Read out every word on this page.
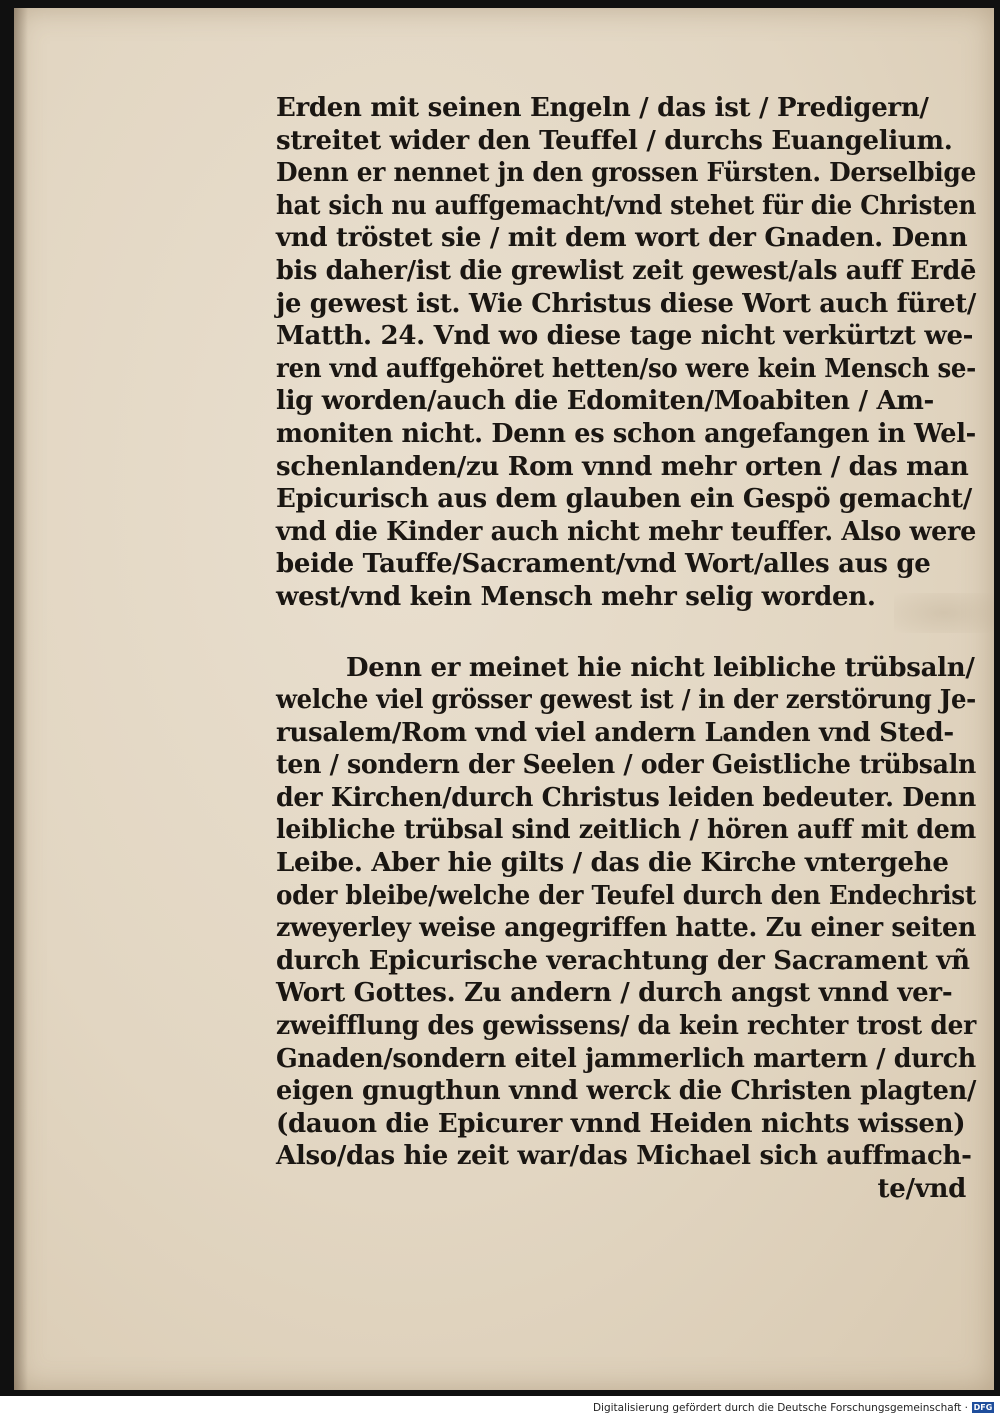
Erden mit seinen Engeln / das ist / Predigern/
streitet wider den Teuffel / durchs Euangelium.
Denn er nennet jn den grossen Fürsten. Derselbige
hat sich nu auffgemacht/vnd stehet für die Christen
vnd tröstet sie / mit dem wort der Gnaden. Denn
bis daher/ist die grewlist zeit gewest/als auff Erdē
je gewest ist. Wie Christus diese Wort auch füret/
Matth. 24. Vnd wo diese tage nicht verkürtzt we-
ren vnd auffgehöret hetten/so were kein Mensch se-
lig worden/auch die Edomiten/Moabiten / Am-
moniten nicht. Denn es schon angefangen in Wel-
schenlanden/zu Rom vnnd mehr orten / das man
Epicurisch aus dem glauben ein Gespö gemacht/
vnd die Kinder auch nicht mehr teuffer. Also were
beide Tauffe/Sacrament/vnd Wort/alles aus ge
west/vnd kein Mensch mehr selig worden.
Denn er meinet hie nicht leibliche trübsaln/
welche viel grösser gewest ist / in der zerstörung Je-
rusalem/Rom vnd viel andern Landen vnd Sted-
ten / sondern der Seelen / oder Geistliche trübsaln
der Kirchen/durch Christus leiden bedeuter. Denn
leibliche trübsal sind zeitlich / hören auff mit dem
Leibe. Aber hie gilts / das die Kirche vntergehe
oder bleibe/welche der Teufel durch den Endechrist
zweyerley weise angegriffen hatte. Zu einer seiten
durch Epicurische verachtung der Sacrament vñ
Wort Gottes. Zu andern / durch angst vnnd ver-
zweifflung des gewissens/ da kein rechter trost der
Gnaden/sondern eitel jammerlich martern / durch
eigen gnugthun vnnd werck die Christen plagten/
(dauon die Epicurer vnnd Heiden nichts wissen)
Also/das hie zeit war/das Michael sich auffmach-
te/vnd
Digitalisierung gefördert durch die Deutsche Forschungsgemeinschaft · DFG
